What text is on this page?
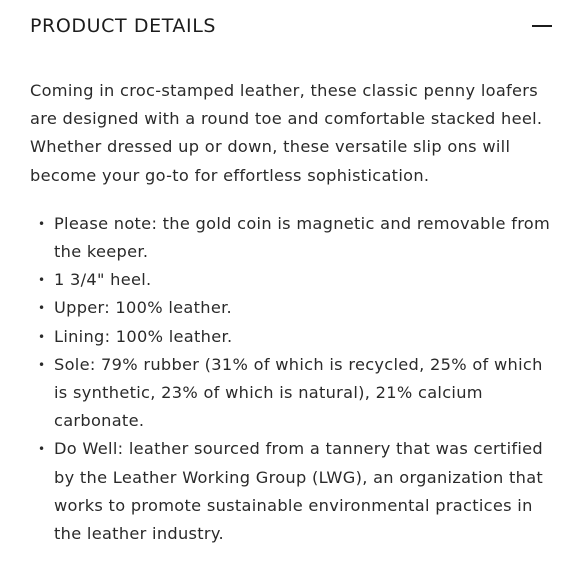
PRODUCT DETAILS

Coming in croc-stamped leather, these classic penny loafers are designed with a round toe and comfortable stacked heel. Whether dressed up or down, these versatile slip ons will become your go-to for effortless sophistication.

• Please note: the gold coin is magnetic and removable from the keeper.
• 1 3/4" heel.
• Upper: 100% leather.
• Lining: 100% leather.
• Sole: 79% rubber (31% of which is recycled, 25% of which is synthetic, 23% of which is natural), 21% calcium carbonate.
• Do Well: leather sourced from a tannery that was certified by the Leather Working Group (LWG), an organization that works to promote sustainable environmental practices in the leather industry.
